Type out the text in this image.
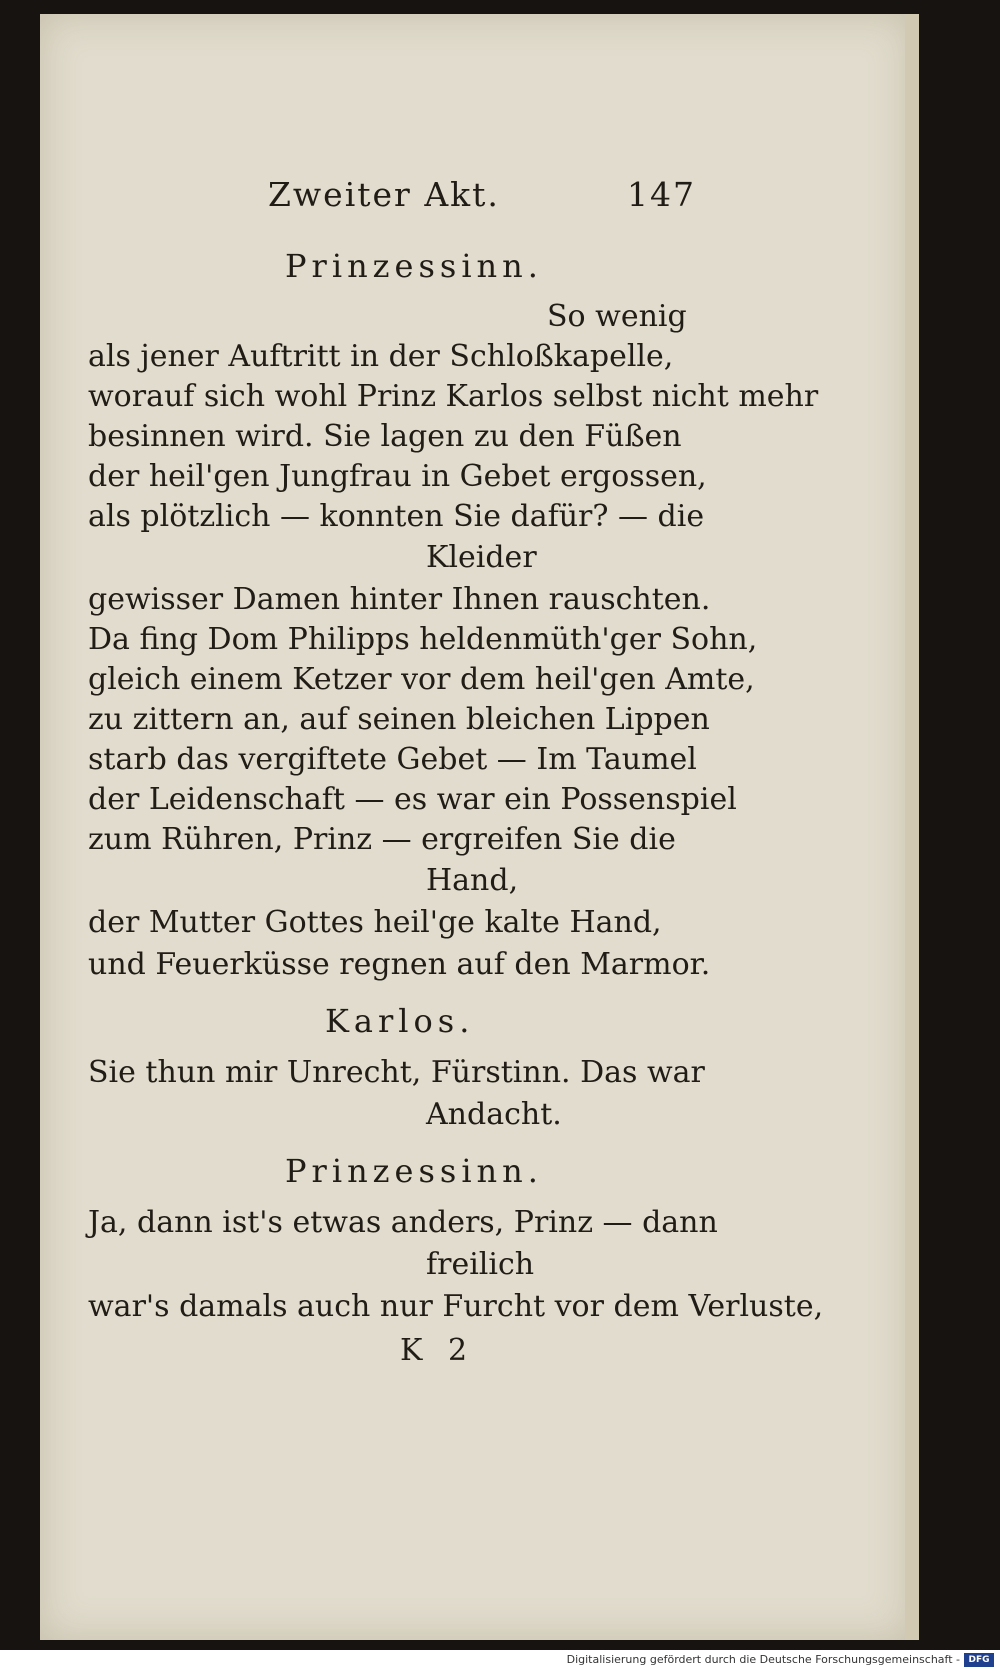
Zweiter Akt.	147
Prinzessinn.
So wenig
als jener Auftritt in der Schloßkapelle,
worauf sich wohl Prinz Karlos selbst nicht mehr
besinnen wird. Sie lagen zu den Füßen
der heil'gen Jungfrau in Gebet ergossen,
als plötzlich — konnten Sie dafür? — die
Kleider
gewisser Damen hinter Ihnen rauschten.
Da fing Dom Philipps heldenmüth'ger Sohn,
gleich einem Ketzer vor dem heil'gen Amte,
zu zittern an, auf seinen bleichen Lippen
starb das vergiftete Gebet — Im Taumel
der Leidenschaft — es war ein Possenspiel
zum Rühren, Prinz — ergreifen Sie die
Hand,
der Mutter Gottes heil'ge kalte Hand,
und Feuerküsse regnen auf den Marmor.
Karlos.
Sie thun mir Unrecht, Fürstinn. Das war
Andacht.
Prinzessinn.
Ja, dann ist's etwas anders, Prinz — dann
freilich
war's damals auch nur Furcht vor dem Verluste,
K 2
Digitalisierung gefördert durch die Deutsche Forschungsgemeinschaft - DFG
